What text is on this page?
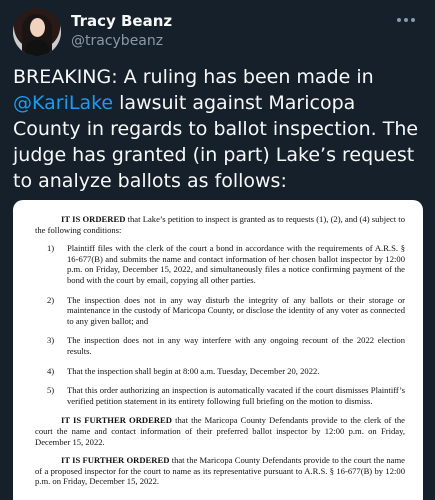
Tracy Beanz
@tracybeanz

BREAKING: A ruling has been made in @KariLake lawsuit against Maricopa County in regards to ballot inspection. The judge has granted (in part) Lake’s request to analyze ballots as follows:

IT IS ORDERED that Lake’s petition to inspect is granted as to requests (1), (2), and (4) subject to the following conditions:

1) Plaintiff files with the clerk of the court a bond in accordance with the requirements of A.R.S. § 16-677(B) and submits the name and contact information of her chosen ballot inspector by 12:00 p.m. on Friday, December 15, 2022, and simultaneously files a notice confirming payment of the bond with the court by email, copying all other parties.
2) The inspection does not in any way disturb the integrity of any ballots or their storage or maintenance in the custody of Maricopa County, or disclose the identity of any voter as connected to any given ballot; and
3) The inspection does not in any way interfere with any ongoing recount of the 2022 election results.
4) That the inspection shall begin at 8:00 a.m. Tuesday, December 20, 2022.
5) That this order authorizing an inspection is automatically vacated if the court dismisses Plaintiff’s verified petition statement in its entirety following full briefing on the motion to dismiss.

IT IS FURTHER ORDERED that the Maricopa County Defendants provide to the clerk of the court the name and contact information of their preferred ballot inspector by 12:00 p.m. on Friday, December 15, 2022.

IT IS FURTHER ORDERED that the Maricopa County Defendants provide to the court the name of a proposed inspector for the court to name as its representative pursuant to A.R.S. § 16-677(B) by 12:00 p.m. on Friday, December 15, 2022.
